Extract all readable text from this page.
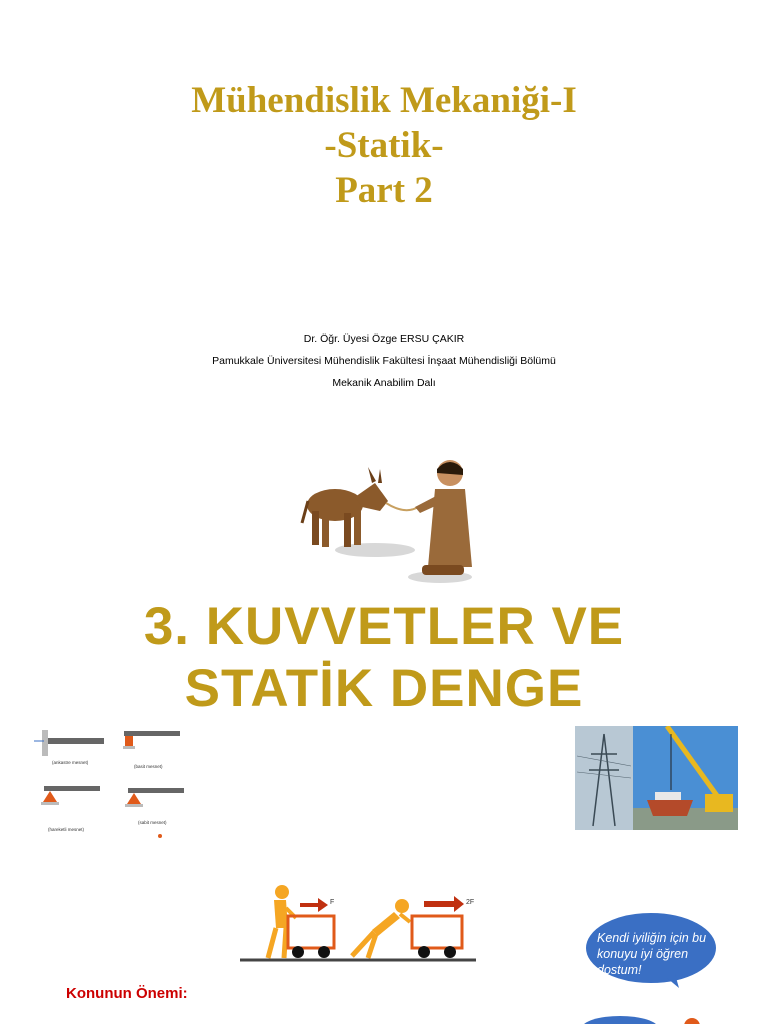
Mühendislik Mekaniği-I
-Statik-
Part 2
Dr. Öğr. Üyesi Özge ERSU ÇAKIR
Pamukkale Üniversitesi Mühendislik Fakültesi İnşaat Mühendisliği Bölümü
Mekanik Anabilim Dalı
3. KUVVETLER VE
STATİK DENGE
(ankastre mesnet)
(basit mesnet)
(hareketli mesnet)
(sabit mesnet)
F	2F
Kendi iyiliğin için bu konuyu iyi öğren dostum!
Konunun Önemi:
